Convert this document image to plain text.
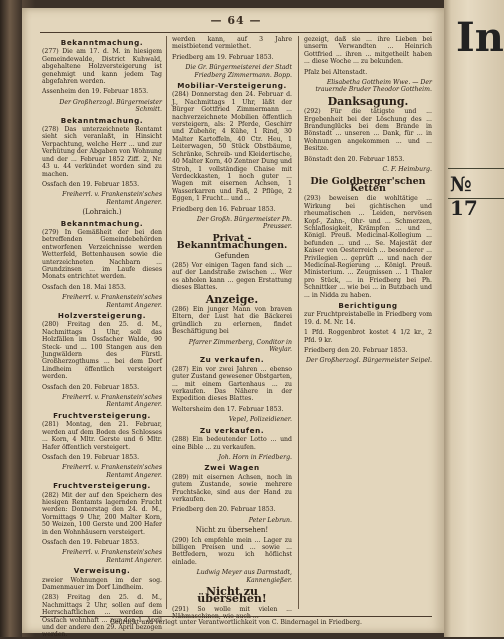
— 64 —
Bekanntmachung.
(277) Die am 17. d. M. in hiesigem Gemeindewalde, District Kuhwald, abgehaltene Holzversteigerung ist genehmigt und kann jedem Tag abgefahren werden.
Assenheim den 19. Februar 1853.
Der Großherzogl. Bürgermeister Schmitt.
Bekanntmachung.
(278) Das unterzeichnete Rentamt sieht sich veranlaßt, in Hinsicht Verpachtung, welche Herr ... und zur Verhütung der Abgaben von Wohnung und der ... Februar 1852 Ziff. 2, Nr. 43 u. 44 verkündet worden sind zu machen.
Ossfach den 19. Februar 1853.
Freiherrl. v. Frankenstein'sches Rentamt Angerer.
(Lohraich.)
Bekanntmachung.
(279) In Gemäßheit der bei den betreffenden Gemeindebehörden entworfenen Verzeichnisse werden Wetterfeld, Bettenhausen sowie die unterzeichneten Nachbarn ... Grundzinsen ... im Laufe dieses Monats entrichtet werden.
Ossfach den 18. Mai 1853.
Freiherrl. v. Frankenstein'sches Rentamt Angerer.
Holzversteigerung.
(280) Freitag den 25. d. M., Nachmittags 1 Uhr, soll das Holzfällen im Ossfacher Walde, 90 Steck- und ... 100 Stangen aus den Jungwäldern des Fürstl. Großherzogthums ... bei dem Dorf Lindheim öffentlich versteigert werden.
Ossfach den 20. Februar 1853.
Freiherrl. v. Frankenstein'sches Rentamt Angerer.
Fruchtversteigerung.
(281) Montag, den 21. Februar, werden auf dem Boden des Schlosses ... Korn, 4 Mltr. Gerste und 6 Mltr. Hafer öffentlich versteigert.
Ossfach den 19. Februar 1853.
Freiherrl. v. Frankenstein'sches Rentamt Angerer.
Fruchtversteigerung.
(282) Mit der auf den Speichern des hiesigen Rentamts lagernden Frucht werden: Donnerstag den 24. d. M., Vormittags 9 Uhr, 200 Malter Korn, 50 Weizen, 100 Gerste und 200 Hafer in den Wohnhäusern versteigert.
Ossfach den 19. Februar 1853.
Freiherrl. v. Frankenstein'sches Rentamt Angerer.
Verweisung.
zweier Wohnungen im der sog. Damenmauer im Dorf Lindheim.
(283) Freitag den 25. d. M., Nachmittags 2 Uhr, sollen auf dem Herrschaftlichen ... werden die Ossfach wohnhaft ... nur den 1. April und der andere den 29. April bezogen werden.
werden kann, auf 3 Jahre meistbietend vermiethet.
Friedberg am 19. Februar 1853.
Die Gr. Bürgermeisterei der Stadt Friedberg Zimmermann. Bopp.
Mobiliar-Versteigerung.
(284) Donnerstag den 24. Februar d. J., Nachmittags 1 Uhr, läßt der Bürger Gottfried Zimmermann ... nachverzeichnete Mobilien öffentlich versteigern, als: 2 Pferde, Geschirr und Zubehör, 4 Kühe, 1 Rind, 30 Malter Kartoffeln, 40 Ctr. Heu, 1 Leiterwagen, 50 Stück Obstbäume, Schränke, Schreib- und Kleidertische, 40 Malter Korn, 40 Zentner Dung und Stroh, 1 vollständige Chaise mit Verdeckkasten, 1 noch guter ... Wagen mit eisernen Achsen, 1 Wasserkarren und Faß, 2 Pflüge, 2 Eggen, 1 Frucht... und ...
Friedberg den 16. Februar 1853.
Der Großh. Bürgermeister Ph. Preusser.
Privat - Bekanntmachungen.
Gefunden
(285) Vor einigen Tagen fand sich ... auf der Landstraße zwischen ... Wer es abholen kann ... gegen Erstattung dieses Blattes.
Anzeige.
(286) Ein junger Mann von braven Eltern, der Lust hat die Bäckerei gründlich zu erlernen, findet Beschäftigung bei
Pfarrer Zimmerberg, Conditor in Weylar.
Zu verkaufen.
(287) Ein vor zwei Jahren ... ebenso guter Zustand gewesener Obstgarten, ... mit einem Gartenhaus ... zu verkaufen. Das Nähere in der Expedition dieses Blattes.
Weltersheim den 17. Februar 1853.
Vepel, Polizeidiener.
Zu verkaufen.
(288) Ein bedeutender Lotto ... und eine Bible ... zu verkaufen.
Joh. Horn in Friedberg.
Zwei Wagen
(289) mit eisernen Achsen, noch in gutem Zustande, sowie mehrere Fruchtsäcke, sind aus der Hand zu verkaufen.
Friedberg den 20. Februar 1853.
Peter Lebrun.
Nicht zu übersehen!
(290) Ich empfehle mein ... Lager zu billigen Preisen und ... sowie ... Bettfedern, wozu ich höflichst einlade.
Ludwig Meyer aus Darmstadt, Kannengießer.
Nicht zu übersehen!
(291) So wolle mit vielen ... Nähmaschinen, wie auch ...
gezeigt, daß sie ... ihre Lieben bei unserm Verwandten ... Heinrich Gottfried ... ihren ... mitgetheilt haben ... diese Woche ... zu bekunden.
Pfalz bei Altenstadt.
Elisabetha Gottheim Wwe. — Der trauernde Bruder Theodor Gottheim.
Danksagung.
(292) Für die tätigste und ... Ergebenheit bei der Löschung des ... Brandunglücks bei dem Brande in Bönstadt ... unseren ... Dank, für ... in Wohnungen angekommen ... und ... Besitze.
Bönstadt den 20. Februar 1853.
C. F. Heimburg.
Die Goldberger'schen Ketten
(293) beweisen die wohltätige ... Wirkung bei gichtischen und rheumatischen ... Leiden, nervösen Kopf-, Zahn-, Ohr- und ... Schmerzen, Schlaflosigkeit, Krämpfen ... und ... Königl. Preuß. Medicinal-Kollegium ... befunden ... und ... Se. Majestät der Kaiser von Oesterreich ... besonderer ... Privilegien ... geprüft ... und nach der Medicinal-Regierung ... Königl. Preuß. Ministerium. ... Zeugnissen ... 1 Thaler pro Stück, ... in Friedberg bei Ph. Schnittker ... wie bei ... in Butzbach und ... in Nidda zu haben.
Berichtigung
zur Fruchtpreistabelle in Friedberg vom 19. d. M. Nr. 14.
1 Pfd. Roggenbrot kostet 4 1/2 kr., 2 Pfd. 9 kr.
Friedberg den 20. Februar 1853.
Der Großherzogl. Bürgermeister Seipel.
Gedruckt und verlegt unter Verantwortlichkeit von C. Bindernagel in Friedberg.
In
№ 17
